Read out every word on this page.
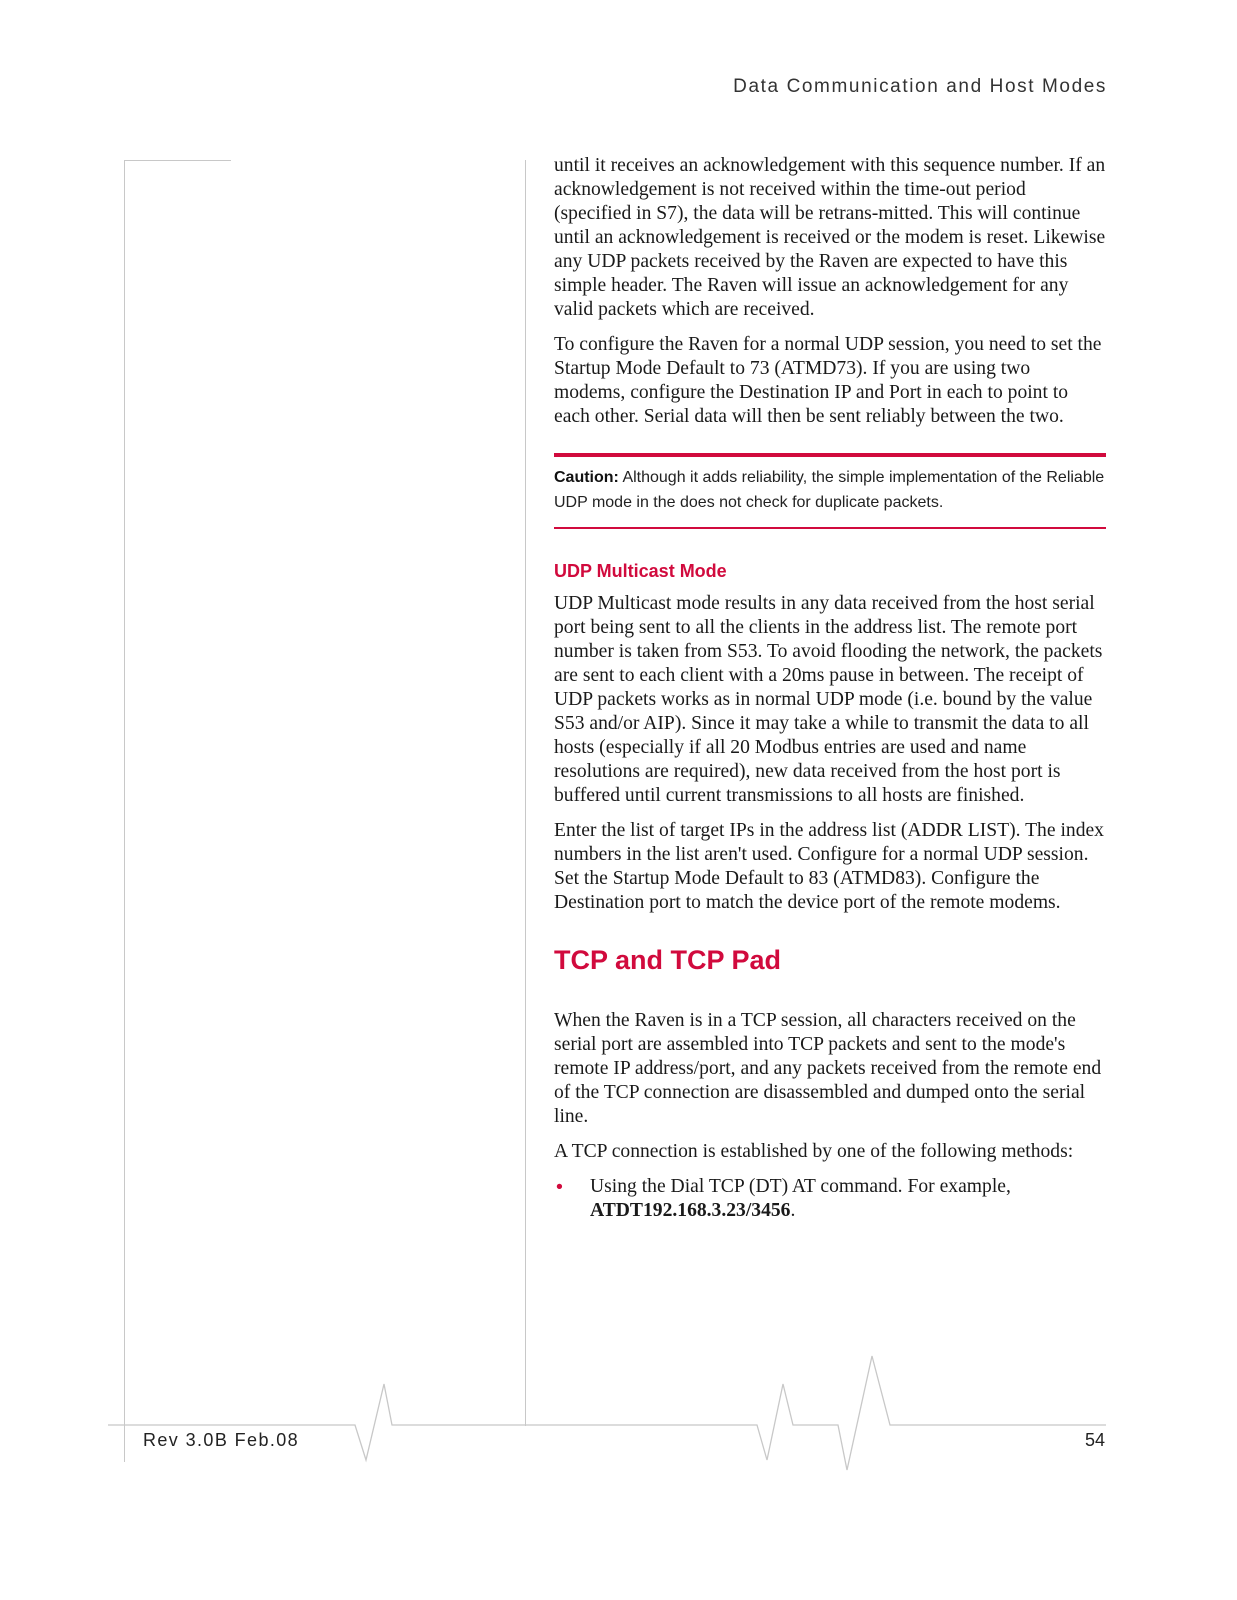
Data Communication and Host Modes

until it receives an acknowledgement with this sequence number. If an acknowledgement is not received within the time-out period (specified in S7), the data will be retrans-mitted. This will continue until an acknowledgement is received or the modem is reset. Likewise any UDP packets received by the Raven are expected to have this simple header. The Raven will issue an acknowledgement for any valid packets which are received.

To configure the Raven for a normal UDP session, you need to set the Startup Mode Default to 73 (ATMD73). If you are using two modems, configure the Destination IP and Port in each to point to each other. Serial data will then be sent reliably between the two.

Caution: Although it adds reliability, the simple implementation of the Reliable UDP mode in the does not check for duplicate packets.
UDP Multicast Mode

UDP Multicast mode results in any data received from the host serial port being sent to all the clients in the address list. The remote port number is taken from S53. To avoid flooding the network, the packets are sent to each client with a 20ms pause in between. The receipt of UDP packets works as in normal UDP mode (i.e. bound by the value S53 and/or AIP). Since it may take a while to transmit the data to all hosts (especially if all 20 Modbus entries are used and name resolutions are required), new data received from the host port is buffered until current transmissions to all hosts are finished.

Enter the list of target IPs in the address list (ADDR LIST). The index numbers in the list aren't used. Configure for a normal UDP session. Set the Startup Mode Default to 83 (ATMD83). Configure the Destination port to match the device port of the remote modems.

TCP and TCP Pad

When the Raven is in a TCP session, all characters received on the serial port are assembled into TCP packets and sent to the mode's remote IP address/port, and any packets received from the remote end of the TCP connection are disassembled and dumped onto the serial line.

A TCP connection is established by one of the following methods:

• Using the Dial TCP (DT) AT command. For example,
ATDT192.168.3.23/3456.
Rev 3.0B Feb.08	54
